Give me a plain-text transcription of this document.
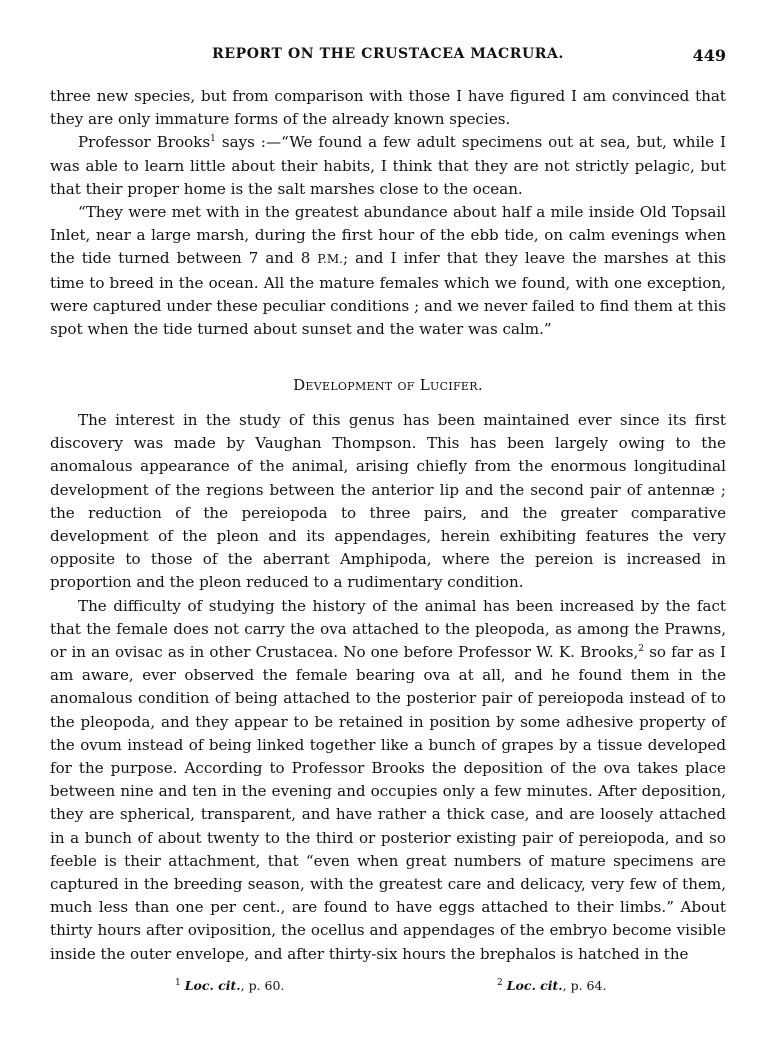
REPORT ON THE CRUSTACEA MACRURA.	449

three new species, but from comparison with those I have figured I am convinced that they are only immature forms of the already known species.

Professor Brooks$^1$ says :—“We found a few adult specimens out at sea, but, while I was able to learn little about their habits, I think that they are not strictly pelagic, but that their proper home is the salt marshes close to the ocean.

“They were met with in the greatest abundance about half a mile inside Old Topsail Inlet, near a large marsh, during the first hour of the ebb tide, on calm evenings when the tide turned between 7 and 8 P.M.; and I infer that they leave the marshes at this time to breed in the ocean. All the mature females which we found, with one exception, were captured under these peculiar conditions ; and we never failed to find them at this spot when the tide turned about sunset and the water was calm.”

Development of Lucifer.

The interest in the study of this genus has been maintained ever since its first discovery was made by Vaughan Thompson. This has been largely owing to the anomalous appearance of the animal, arising chiefly from the enormous longitudinal development of the regions between the anterior lip and the second pair of antennæ ; the reduction of the pereiopoda to three pairs, and the greater comparative development of the pleon and its appendages, herein exhibiting features the very opposite to those of the aberrant Amphipoda, where the pereion is increased in proportion and the pleon reduced to a rudimentary condition.

The difficulty of studying the history of the animal has been increased by the fact that the female does not carry the ova attached to the pleopoda, as among the Prawns, or in an ovisac as in other Crustacea. No one before Professor W. K. Brooks,$^2$ so far as I am aware, ever observed the female bearing ova at all, and he found them in the anomalous condition of being attached to the posterior pair of pereiopoda instead of to the pleopoda, and they appear to be retained in position by some adhesive property of the ovum instead of being linked together like a bunch of grapes by a tissue developed for the purpose. According to Professor Brooks the deposition of the ova takes place between nine and ten in the evening and occupies only a few minutes. After deposition, they are spherical, transparent, and have rather a thick case, and are loosely attached in a bunch of about twenty to the third or posterior existing pair of pereiopoda, and so feeble is their attachment, that “even when great numbers of mature specimens are captured in the breeding season, with the greatest care and delicacy, very few of them, much less than one per cent., are found to have eggs attached to their limbs.” About thirty hours after oviposition, the ocellus and appendages of the embryo become visible inside the outer envelope, and after thirty-six hours the brephalos is hatched in the

$^1$ Loc. cit., p. 60.	$^2$ Loc. cit., p. 64.
